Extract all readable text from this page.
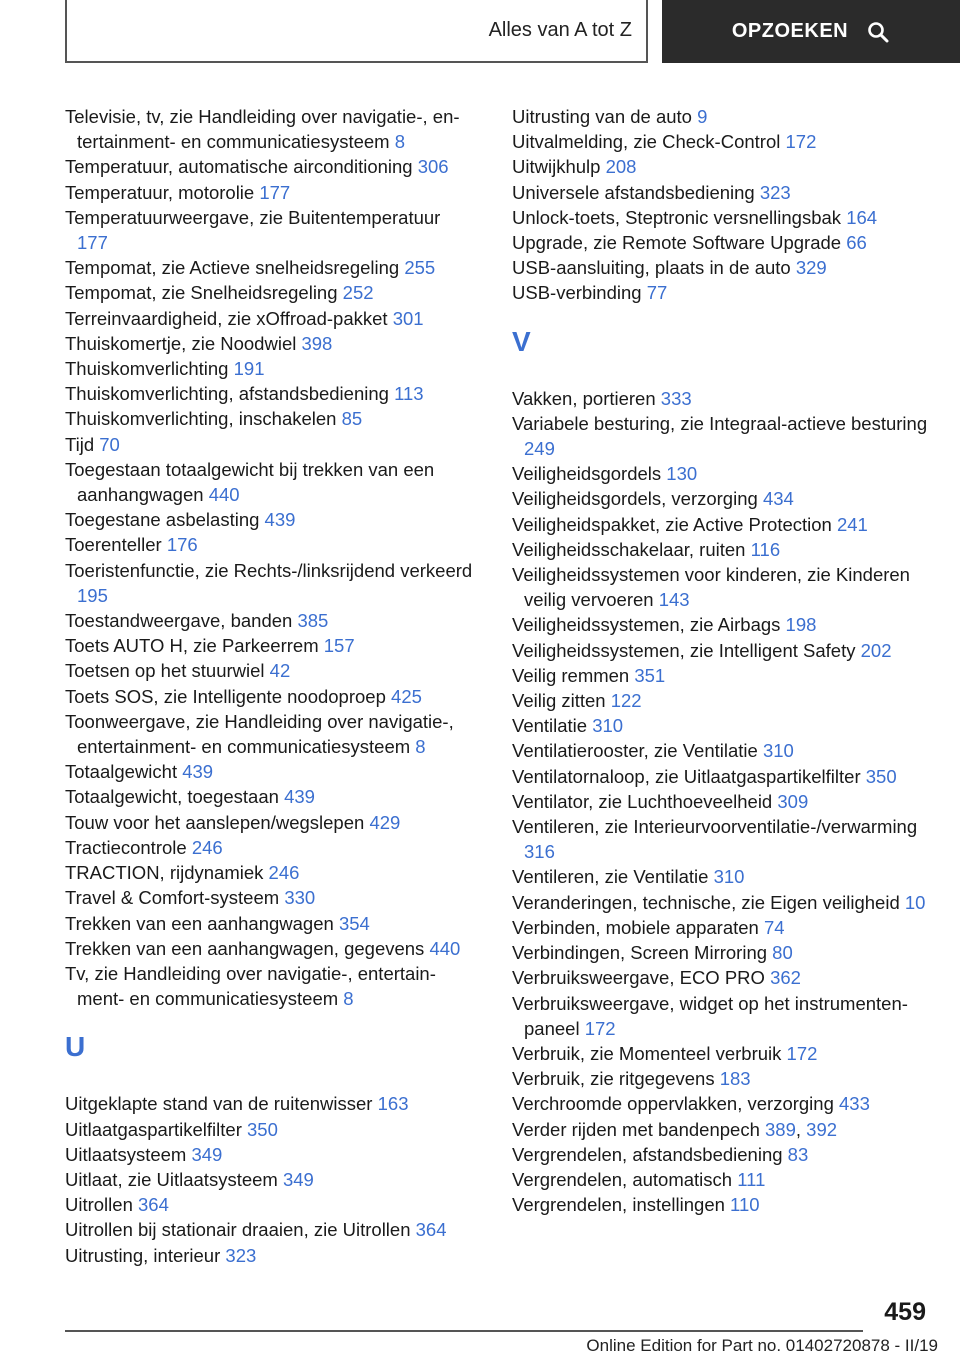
Alles van A tot Z	OPZOEKEN
Televisie, tv, zie Handleiding over navigatie-, entertainment- en communicatiesysteem 8
Temperatuur, automatische airconditioning 306
Temperatuur, motorolie 177
Temperatuurweergave, zie Buitentemperatuur 177
Tempomat, zie Actieve snelheidsregeling 255
Tempomat, zie Snelheidsregeling 252
Terreinvaardigheid, zie xOffroad-pakket 301
Thuiskomertje, zie Noodwiel 398
Thuiskomverlichting 191
Thuiskomverlichting, afstandsbediening 113
Thuiskomverlichting, inschakelen 85
Tijd 70
Toegestaan totaalgewicht bij trekken van een aanhangwagen 440
Toegestane asbelasting 439
Toerenteller 176
Toeristenfunctie, zie Rechts-/linksrijdend verkeerd 195
Toestandweergave, banden 385
Toets AUTO H, zie Parkeerrem 157
Toetsen op het stuurwiel 42
Toets SOS, zie Intelligente noodoproep 425
Toonweergave, zie Handleiding over navigatie-, entertainment- en communicatiesysteem 8
Totaalgewicht 439
Totaalgewicht, toegestaan 439
Touw voor het aanslepen/wegslepen 429
Tractiecontrole 246
TRACTION, rijdynamiek 246
Travel & Comfort-systeem 330
Trekken van een aanhangwagen 354
Trekken van een aanhangwagen, gegevens 440
Tv, zie Handleiding over navigatie-, entertainment- en communicatiesysteem 8
U
Uitgeklapte stand van de ruitenwisser 163
Uitlaatgaspartikelfilter 350
Uitlaatsysteem 349
Uitlaat, zie Uitlaatsysteem 349
Uitrollen 364
Uitrollen bij stationair draaien, zie Uitrollen 364
Uitrusting, interieur 323
Uitrusting van de auto 9
Uitvalmelding, zie Check-Control 172
Uitwijkhulp 208
Universele afstandsbediening 323
Unlock-toets, Steptronic versnellingsbak 164
Upgrade, zie Remote Software Upgrade 66
USB-aansluiting, plaats in de auto 329
USB-verbinding 77
V
Vakken, portieren 333
Variabele besturing, zie Integraal-actieve besturing 249
Veiligheidsgordels 130
Veiligheidsgordels, verzorging 434
Veiligheidspakket, zie Active Protection 241
Veiligheidsschakelaar, ruiten 116
Veiligheidssystemen voor kinderen, zie Kinderen veilig vervoeren 143
Veiligheidssystemen, zie Airbags 198
Veiligheidssystemen, zie Intelligent Safety 202
Veilig remmen 351
Veilig zitten 122
Ventilatie 310
Ventilatierooster, zie Ventilatie 310
Ventilatornaloop, zie Uitlaatgaspartikelfilter 350
Ventilator, zie Luchthoeveelheid 309
Ventileren, zie Interieurvoorventilatie-/verwarming 316
Ventileren, zie Ventilatie 310
Veranderingen, technische, zie Eigen veiligheid 10
Verbinden, mobiele apparaten 74
Verbindingen, Screen Mirroring 80
Verbruiksweergave, ECO PRO 362
Verbruiksweergave, widget op het instrumentenpaneel 172
Verbruik, zie Momenteel verbruik 172
Verbruik, zie ritgegevens 183
Verchroomde oppervlakken, verzorging 433
Verder rijden met bandenpech 389, 392
Vergrendelen, afstandsbediening 83
Vergrendelen, automatisch 111
Vergrendelen, instellingen 110
459
Online Edition for Part no. 01402720878 - II/19
